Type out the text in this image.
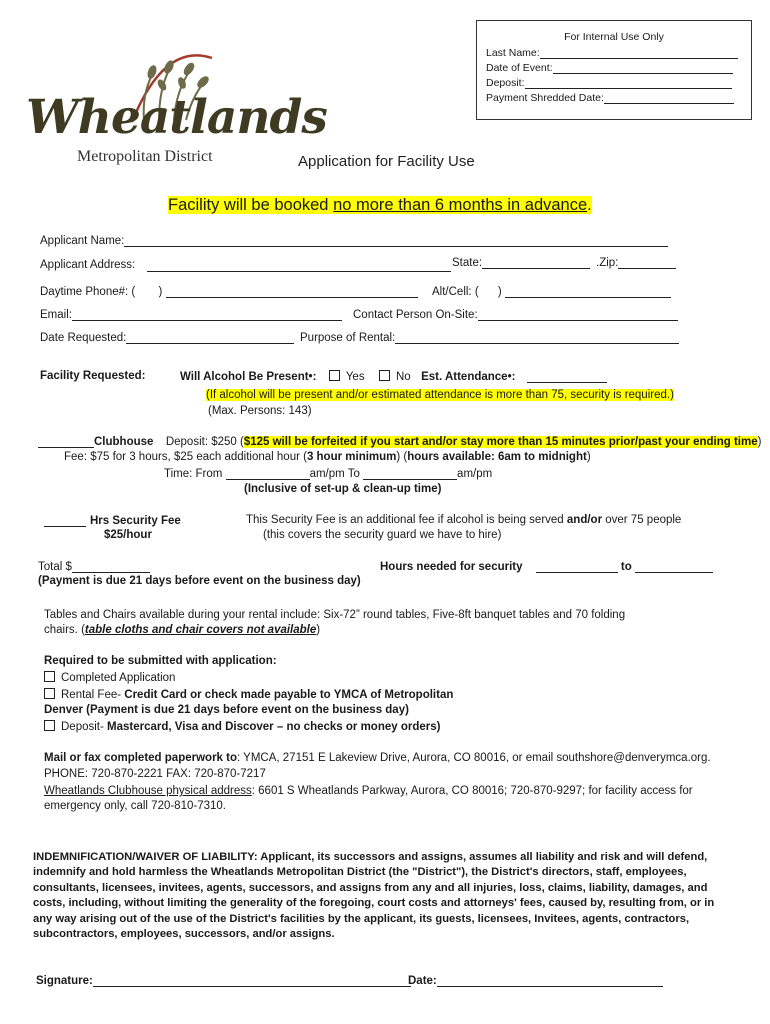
For Internal Use Only
Last Name:
Date of Event:
Deposit:
Payment Shredded Date:
Wheatlands
Metropolitan District	Application for Facility Use
Facility will be booked no more than 6 months in advance.
Applicant Name:
Applicant Address:	State:	.Zip:
Daytime Phone#: ( )	Alt/Cell: ( )
Email:	Contact Person On-Site:
Date Requested:	Purpose of Rental:
Facility Requested:	Will Alcohol Be Present•:	Yes	No Est. Attendance•:
(If alcohol will be present and/or estimated attendance is more than 75, security is required.)
(Max. Persons: 143)
Clubhouse Deposit: $250 ($125 will be forfeited if you start and/or stay more than 15 minutes prior/past your ending time)
Fee: $75 for 3 hours, $25 each additional hour (3 hour minimum) (hours available: 6am to midnight)
Time: From	am/pm To	am/pm
(Inclusive of set-up & clean-up time)
Hrs Security Fee
$25/hour
This Security Fee is an additional fee if alcohol is being served and/or over 75 people
(this covers the security guard we have to hire)
Total $
(Payment is due 21 days before event on the business day)
Hours needed for security	to
Tables and Chairs available during your rental include: Six-72” round tables, Five-8ft banquet tables and 70 folding
chairs. (table cloths and chair covers not available)
Required to be submitted with application:
Completed Application
Rental Fee- Credit Card or check made payable to YMCA of Metropolitan
Denver (Payment is due 21 days before event on the business day)
Deposit- Mastercard, Visa and Discover – no checks or money orders)
Mail or fax completed paperwork to: YMCA, 27151 E Lakeview Drive, Aurora, CO 80016, or email southshore@denverymca.org.
PHONE: 720-870-2221 FAX: 720-870-7217
Wheatlands Clubhouse physical address: 6601 S Wheatlands Parkway, Aurora, CO 80016; 720-870-9297; for facility access for
emergency only, call 720-810-7310.
INDEMNIFICATION/WAIVER OF LIABILITY: Applicant, its successors and assigns, assumes all liability and risk and will defend, indemnify and hold harmless the Wheatlands Metropolitan District (the "District"), the District's directors, staff, employees, consultants, licensees, invitees, agents, successors, and assigns from any and all injuries, loss, claims, liability, damages, and costs, including, without limiting the generality of the foregoing, court costs and attorneys' fees, caused by, resulting from, or in any way arising out of the use of the District's facilities by the applicant, its guests, licensees, Invitees, agents, contractors, subcontractors, employees, successors, and/or assigns.
Signature:	Date:
